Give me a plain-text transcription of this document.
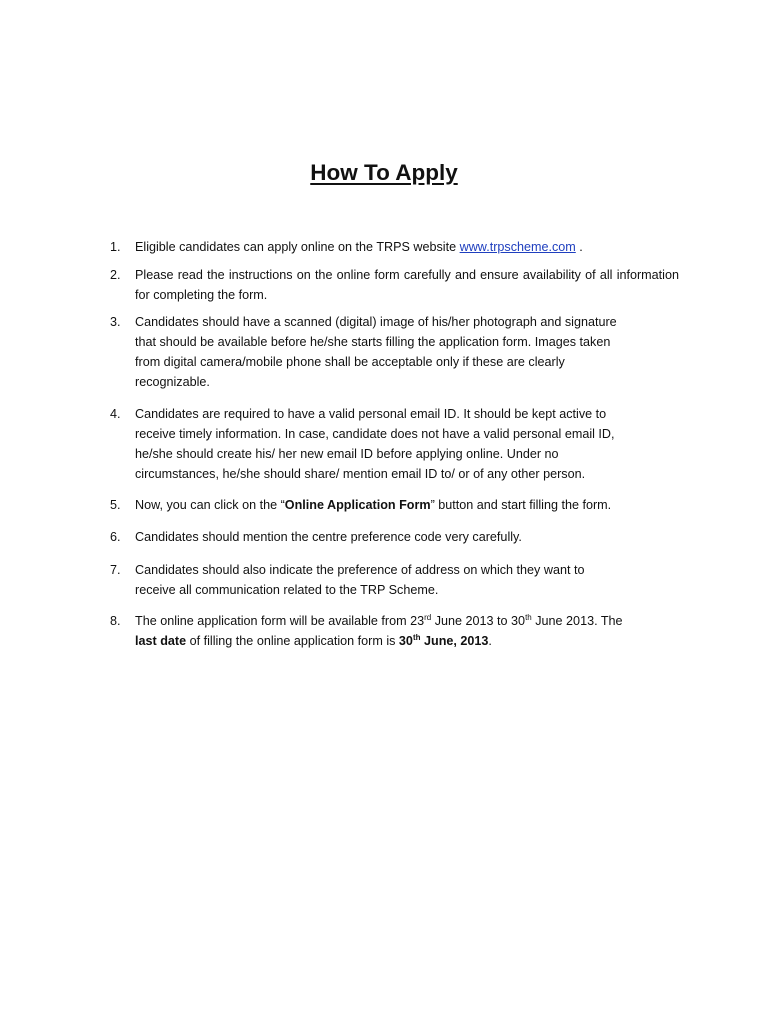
How To Apply
1.	Eligible candidates can apply online on the TRPS website www.trpscheme.com .
2.	Please read the instructions on the online form carefully and ensure availability of all information for completing the form.
3.	Candidates should have a scanned (digital) image of his/her photograph and signature
that should be available before he/she starts filling the application form. Images taken
from digital camera/mobile phone shall be acceptable only if these are clearly
recognizable.
4.	Candidates are required to have a valid personal email ID. It should be kept active to
receive timely information. In case, candidate does not have a valid personal email ID,
he/she should create his/ her new email ID before applying online. Under no
circumstances, he/she should share/ mention email ID to/ or of any other person.
5.	Now, you can click on the “Online Application Form” button and start filling the form.
6.	Candidates should mention the centre preference code very carefully.
7.	Candidates should also indicate the preference of address on which they want to
receive all communication related to the TRP Scheme.
8.	The online application form will be available from 23rd June 2013 to 30th June 2013. The
last date of filling the online application form is 30th June, 2013.
